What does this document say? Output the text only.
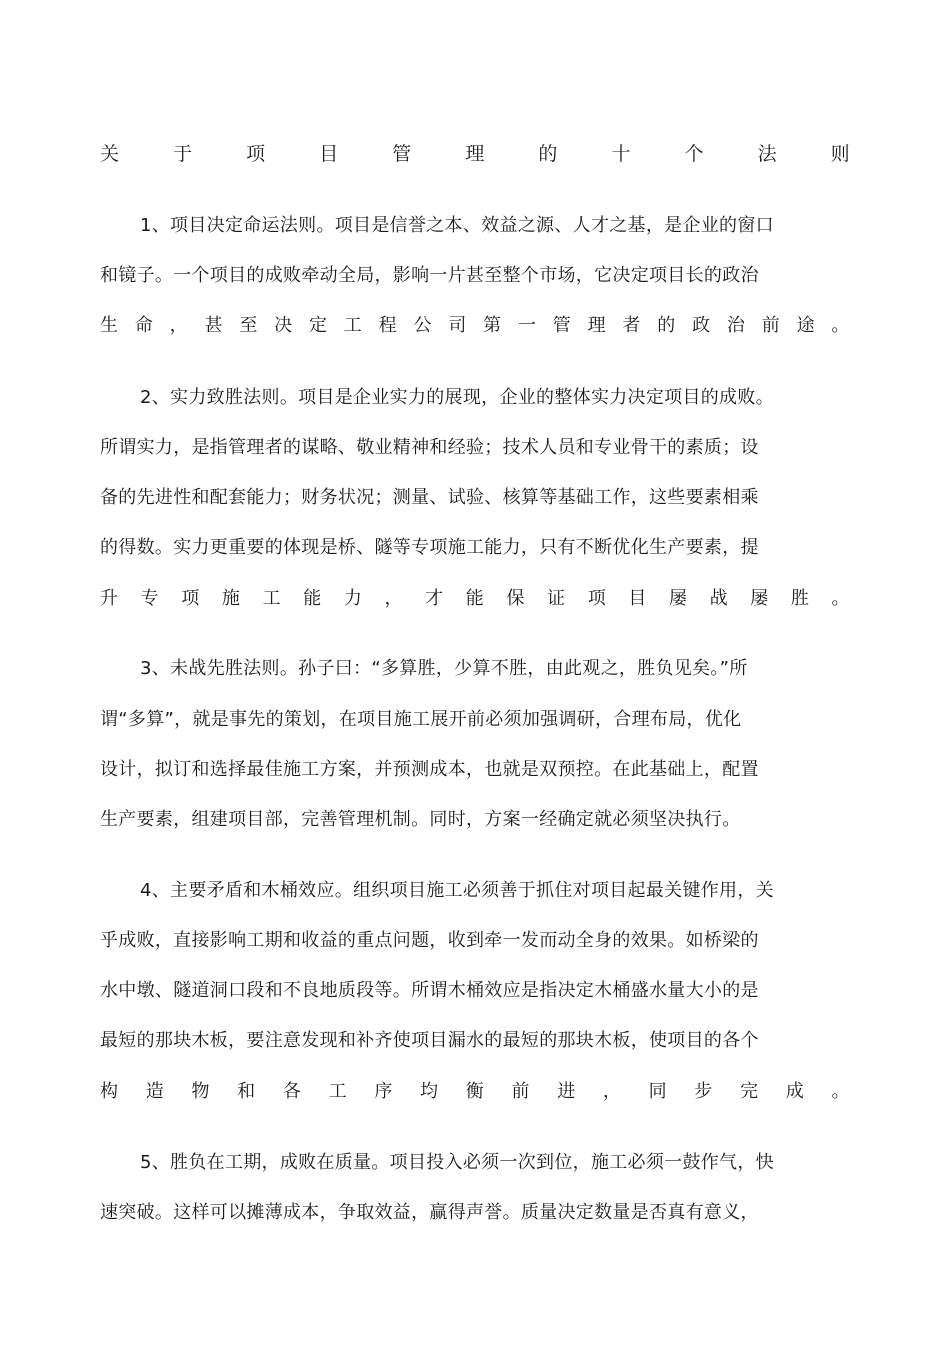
关	于	项	目	管	理	的	十	个	法	则
1、项目决定命运法则。项目是信誉之本、效益之源、人才之基，是企业的窗口
和镜子。一个项目的成败牵动全局，影响一片甚至整个市场，它决定项目长的政治
生 命 ， 甚 至 决 定 工 程 公 司 第 一 管 理 者 的 政 治 前 途 。
2、实力致胜法则。项目是企业实力的展现，企业的整体实力决定项目的成败。
所谓实力，是指管理者的谋略、敬业精神和经验；技术人员和专业骨干的素质；设
备的先进性和配套能力；财务状况；测量、试验、核算等基础工作，这些要素相乘
的得数。实力更重要的体现是桥、隧等专项施工能力，只有不断优化生产要素，提
升 专 项 施 工 能 力 ， 才 能 保 证 项 目 屡 战 屡 胜 。
3、未战先胜法则。孙子曰：“多算胜，少算不胜，由此观之，胜负见矣。”所
谓“多算”，就是事先的策划，在项目施工展开前必须加强调研，合理布局，优化
设计，拟订和选择最佳施工方案，并预测成本，也就是双预控。在此基础上，配置
生产要素，组建项目部，完善管理机制。同时，方案一经确定就必须坚决执行。
4、主要矛盾和木桶效应。组织项目施工必须善于抓住对项目起最关键作用，关
乎成败，直接影响工期和收益的重点问题，收到牵一发而动全身的效果。如桥梁的
水中墩、隧道洞口段和不良地质段等。所谓木桶效应是指决定木桶盛水量大小的是
最短的那块木板，要注意发现和补齐使项目漏水的最短的那块木板，使项目的各个
构 造 物 和 各 工 序 均 衡 前 进 ， 同 步 完 成 。
5、胜负在工期，成败在质量。项目投入必须一次到位，施工必须一鼓作气，快
速突破。这样可以摊薄成本，争取效益，赢得声誉。质量决定数量是否真有意义，
